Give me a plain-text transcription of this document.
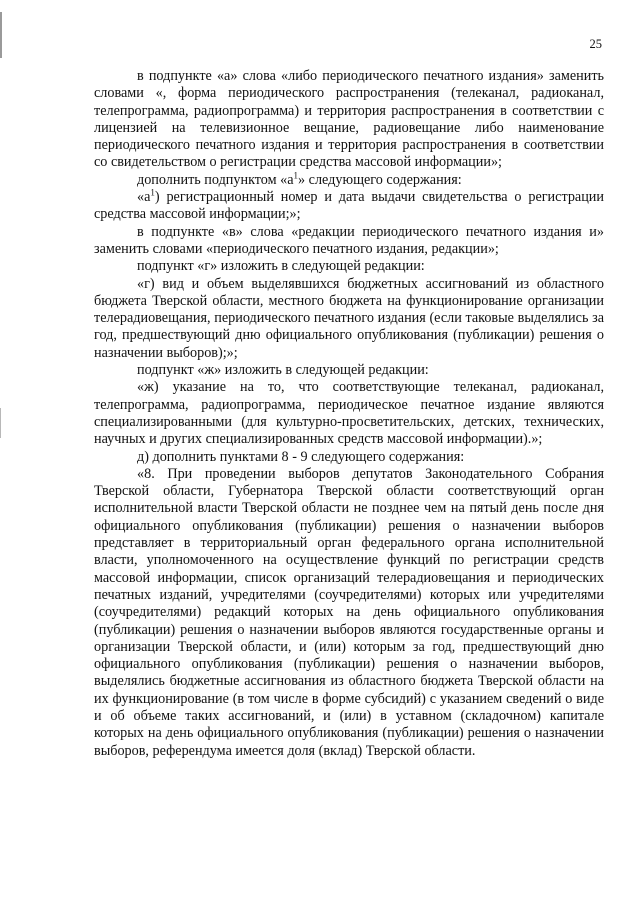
25

в подпункте «а» слова «либо периодического печатного издания» заменить словами «, форма периодического распространения (телеканал, радиоканал, телепрограмма, радиопрограмма) и территория распространения в соответствии с лицензией на телевизионное вещание, радиовещание либо наименование периодического печатного издания и территория распространения в соответствии со свидетельством о регистрации средства массовой информации»;

дополнить подпунктом «$а^1$» следующего содержания:

«$а^1$) регистрационный номер и дата выдачи свидетельства о регистрации средства массовой информации;»;

в подпункте «в» слова «редакции периодического печатного издания и» заменить словами «периодического печатного издания, редакции»;

подпункт «г» изложить в следующей редакции:

«г) вид и объем выделявшихся бюджетных ассигнований из областного бюджета Тверской области, местного бюджета на функционирование организации телерадиовещания, периодического печатного издания (если таковые выделялись за год, предшествующий дню официального опубликования (публикации) решения о назначении выборов);»;

подпункт «ж» изложить в следующей редакции:

«ж) указание на то, что соответствующие телеканал, радиоканал, телепрограмма, радиопрограмма, периодическое печатное издание являются специализированными (для культурно-просветительских, детских, технических, научных и других специализированных средств массовой информации).»;

д) дополнить пунктами 8 - 9 следующего содержания:

«8. При проведении выборов депутатов Законодательного Собрания Тверской области, Губернатора Тверской области соответствующий орган исполнительной власти Тверской области не позднее чем на пятый день после дня официального опубликования (публикации) решения о назначении выборов представляет в территориальный орган федерального органа исполнительной власти, уполномоченного на осуществление функций по регистрации средств массовой информации, список организаций телерадиовещания и периодических печатных изданий, учредителями (соучредителями) которых или учредителями (соучредителями) редакций которых на день официального опубликования (публикации) решения о назначении выборов являются государственные органы и организации Тверской области, и (или) которым за год, предшествующий дню официального опубликования (публикации) решения о назначении выборов, выделялись бюджетные ассигнования из областного бюджета Тверской области на их функционирование (в том числе в форме субсидий) с указанием сведений о виде и об объеме таких ассигнований, и (или) в уставном (складочном) капитале которых на день официального опубликования (публикации) решения о назначении выборов, референдума имеется доля (вклад) Тверской области.
